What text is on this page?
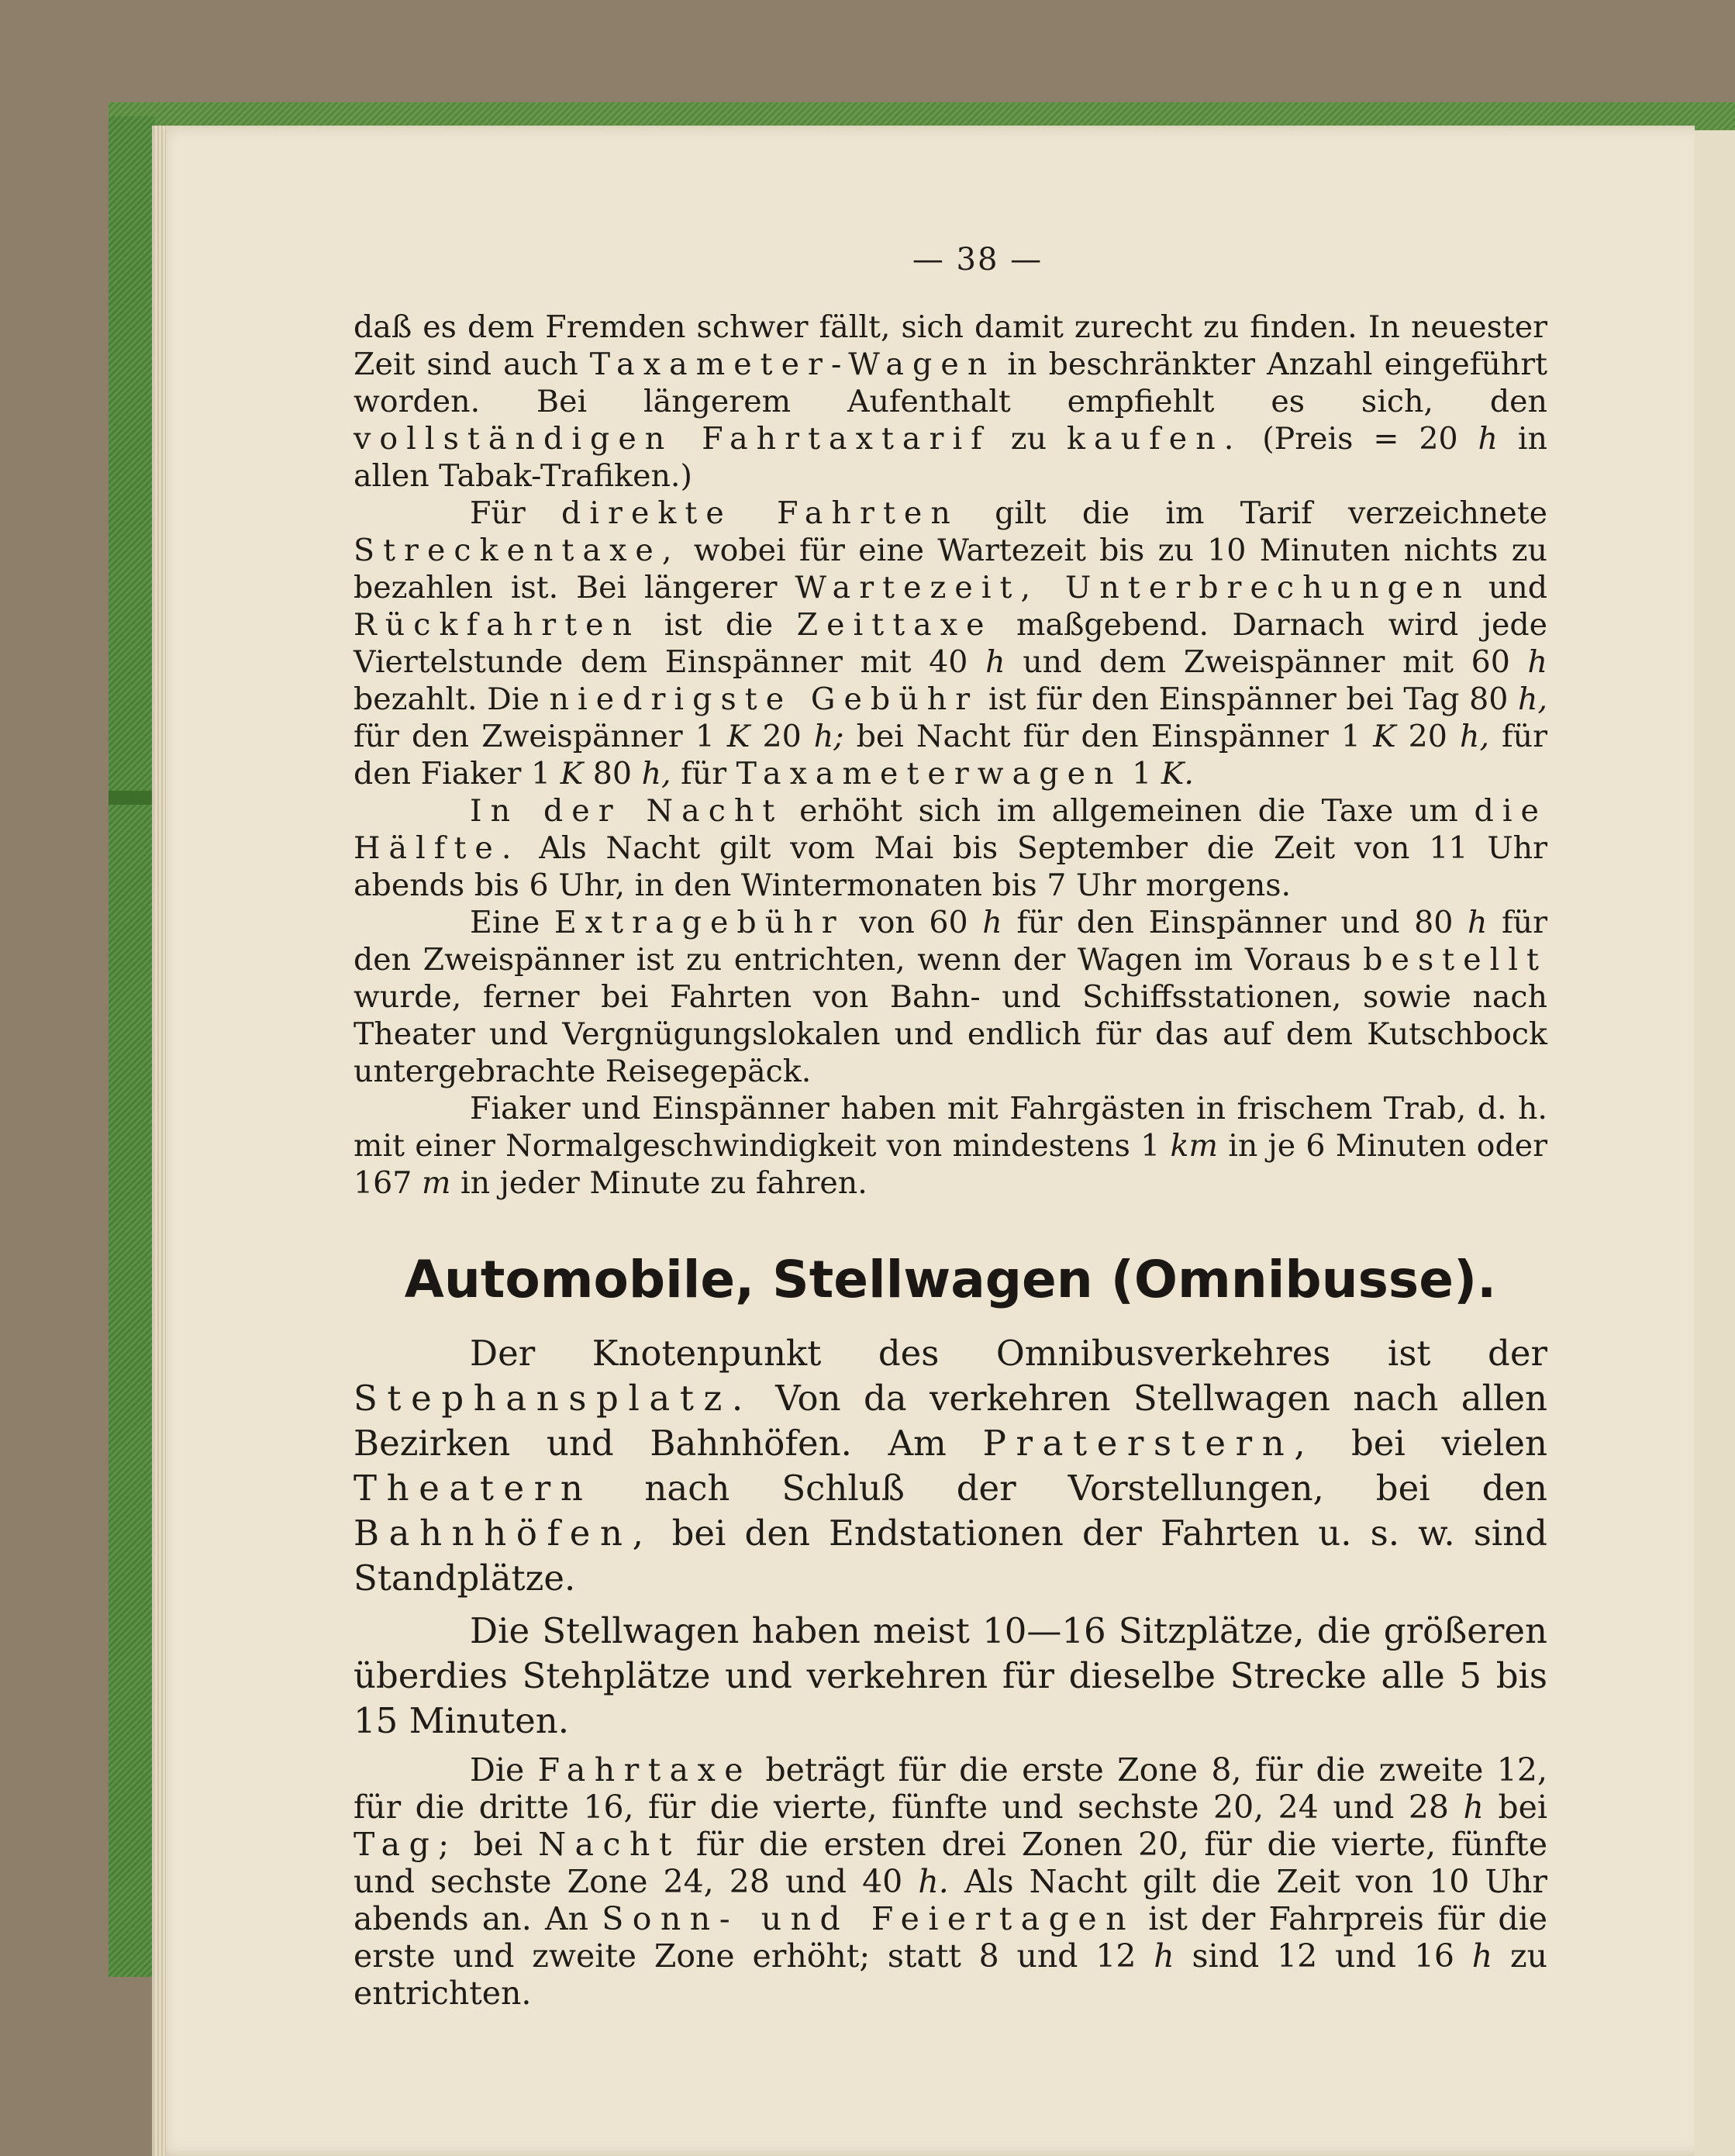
— 38 —

daß es dem Fremden schwer fällt, sich damit zurecht zu finden. In neuester Zeit sind auch Taxameter-Wagen in beschränkter Anzahl eingeführt worden. Bei längerem Aufenthalt empfiehlt es sich, den vollständigen Fahrtaxtarif zu kaufen. (Preis = 20 h in allen Tabak-Trafiken.)

Für direkte Fahrten gilt die im Tarif verzeichnete Streckentaxe, wobei für eine Wartezeit bis zu 10 Minuten nichts zu bezahlen ist. Bei längerer Wartezeit, Unterbrechungen und Rückfahrten ist die Zeittaxe maßgebend. Darnach wird jede Viertelstunde dem Einspänner mit 40 h und dem Zweispänner mit 60 h bezahlt. Die niedrigste Gebühr ist für den Einspänner bei Tag 80 h, für den Zweispänner 1 K 20 h; bei Nacht für den Einspänner 1 K 20 h, für den Fiaker 1 K 80 h, für Taxameterwagen 1 K.

In der Nacht erhöht sich im allgemeinen die Taxe um die Hälfte. Als Nacht gilt vom Mai bis September die Zeit von 11 Uhr abends bis 6 Uhr, in den Wintermonaten bis 7 Uhr morgens.

Eine Extragebühr von 60 h für den Einspänner und 80 h für den Zweispänner ist zu entrichten, wenn der Wagen im Voraus bestellt wurde, ferner bei Fahrten von Bahn- und Schiffsstationen, sowie nach Theater und Vergnügungslokalen und endlich für das auf dem Kutschbock untergebrachte Reisegepäck.

Fiaker und Einspänner haben mit Fahrgästen in frischem Trab, d. h. mit einer Normalgeschwindigkeit von mindestens 1 km in je 6 Minuten oder 167 m in jeder Minute zu fahren.

Automobile, Stellwagen (Omnibusse).

Der Knotenpunkt des Omnibusverkehres ist der Stephansplatz. Von da verkehren Stellwagen nach allen Bezirken und Bahnhöfen. Am Praterstern, bei vielen Theatern nach Schluß der Vorstellungen, bei den Bahnhöfen, bei den Endstationen der Fahrten u. s. w. sind Standplätze.

Die Stellwagen haben meist 10—16 Sitzplätze, die größeren überdies Stehplätze und verkehren für dieselbe Strecke alle 5 bis 15 Minuten.

Die Fahrtaxe beträgt für die erste Zone 8, für die zweite 12, für die dritte 16, für die vierte, fünfte und sechste 20, 24 und 28 h bei Tag; bei Nacht für die ersten drei Zonen 20, für die vierte, fünfte und sechste Zone 24, 28 und 40 h. Als Nacht gilt die Zeit von 10 Uhr abends an. An Sonn- und Feiertagen ist der Fahrpreis für die erste und zweite Zone erhöht; statt 8 und 12 h sind 12 und 16 h zu entrichten.
